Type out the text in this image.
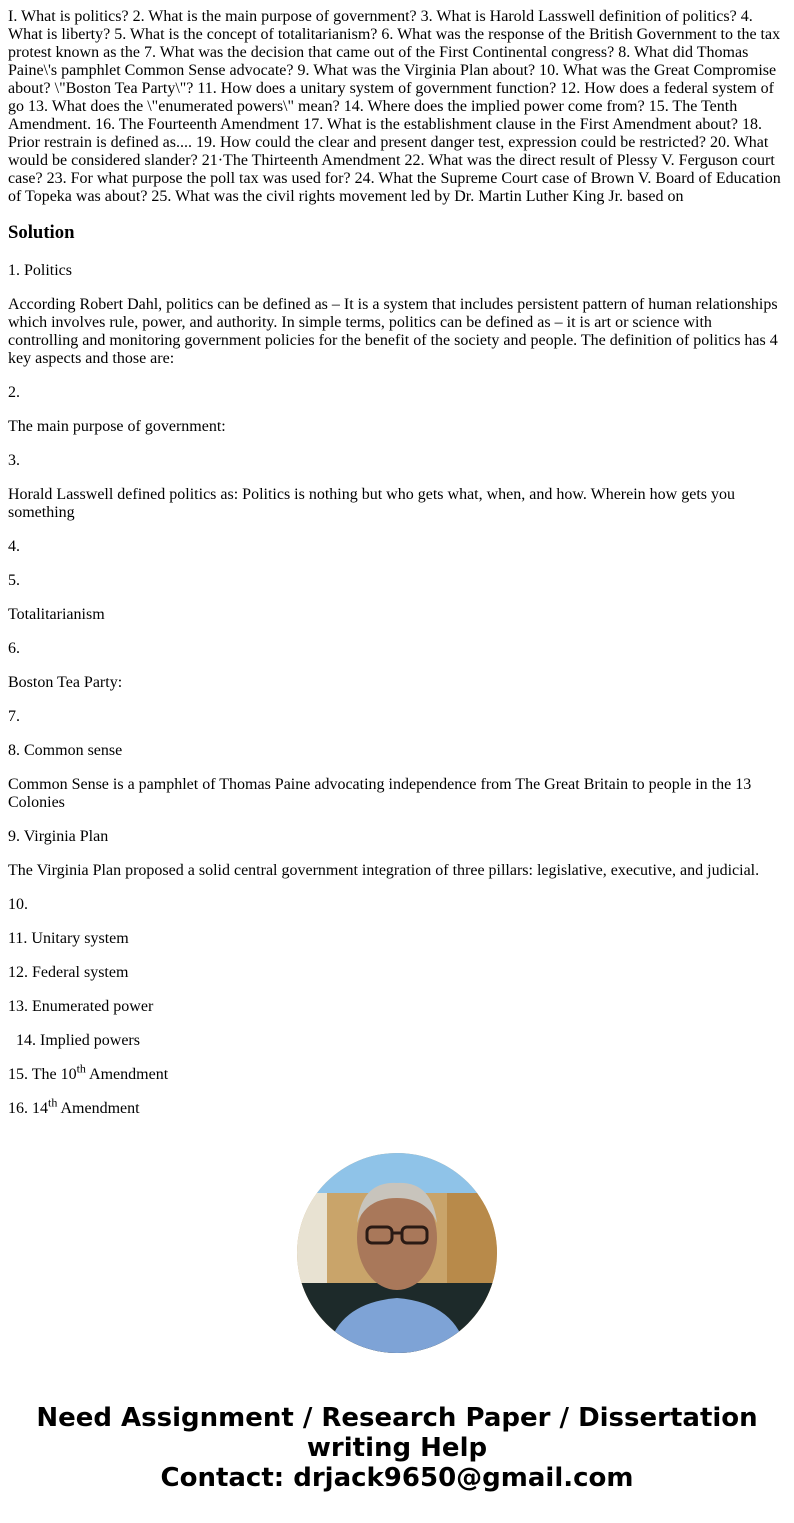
I. What is politics? 2. What is the main purpose of government? 3. What is Harold Lasswell definition of politics? 4. What is liberty? 5. What is the concept of totalitarianism? 6. What was the response of the British Government to the tax protest known as the 7. What was the decision that came out of the First Continental congress? 8. What did Thomas Paine\'s pamphlet Common Sense advocate? 9. What was the Virginia Plan about? 10. What was the Great Compromise about? \"Boston Tea Party\"? 11. How does a unitary system of government function? 12. How does a federal system of go 13. What does the \"enumerated powers\" mean? 14. Where does the implied power come from? 15. The Tenth Amendment. 16. The Fourteenth Amendment 17. What is the establishment clause in the First Amendment about? 18. Prior restrain is defined as.... 19. How could the clear and present danger test, expression could be restricted? 20. What would be considered slander? 21·The Thirteenth Amendment 22. What was the direct result of Plessy V. Ferguson court case? 23. For what purpose the poll tax was used for? 24. What the Supreme Court case of Brown V. Board of Education of Topeka was about? 25. What was the civil rights movement led by Dr. Martin Luther King Jr. based on

Solution

1. Politics

According Robert Dahl, politics can be defined as – It is a system that includes persistent pattern of human relationships which involves rule, power, and authority. In simple terms, politics can be defined as – it is art or science with controlling and monitoring government policies for the benefit of the society and people. The definition of politics has 4 key aspects and those are:

2.

The main purpose of government:

3.

Horald Lasswell defined politics as: Politics is nothing but who gets what, when, and how. Wherein how gets you something

4.

5.

Totalitarianism

6.

Boston Tea Party:

7.

8. Common sense

Common Sense is a pamphlet of Thomas Paine advocating independence from The Great Britain to people in the 13 Colonies

9. Virginia Plan

The Virginia Plan proposed a solid central government integration of three pillars: legislative, executive, and judicial.

10.

11. Unitary system

12. Federal system

13. Enumerated power

14. Implied powers

15. The 10th Amendment

16. 14th Amendment

Need Assignment / Research Paper / Dissertation writing Help
Contact: drjack9650@gmail.com
